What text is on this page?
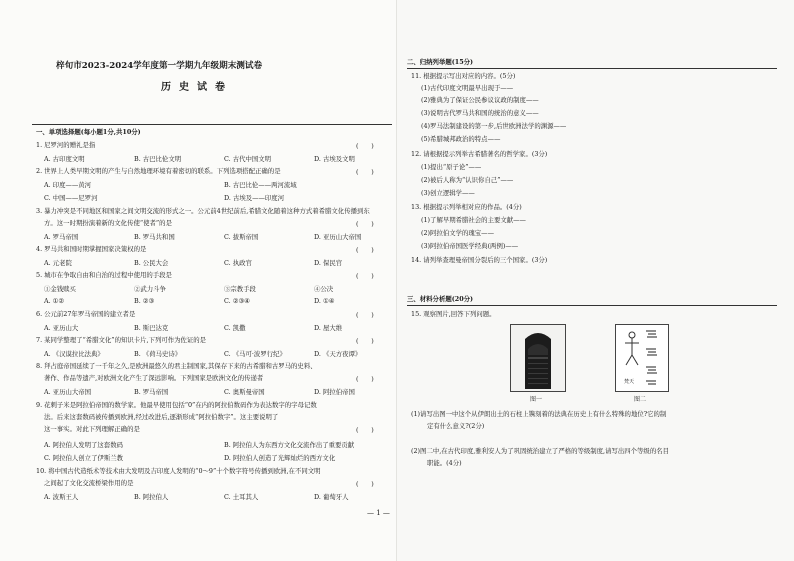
梓旬市2023-2024学年度第一学期九年级期末测试卷
历史试卷
一、单项选择题(每小题1分,共10分)
1. 尼罗河的赠礼是指	(　　)
A. 古印度文明	B. 古巴比伦文明	C. 古代中国文明	D. 古埃及文明
2. 世界上人类早期文明的产生与自然地理环境有着密切的联系。下列选项搭配正确的是	(　　)
A. 印度——黄河	B. 古巴比伦——两河流域
C. 中国——尼罗河	D. 古埃及——印度河
3. 暴力冲突是不同地区和国家之间文明交流的形式之一。公元前4世纪前后,希腊文化随着这种方式着希腊文化传播到东
方。这一时期扮演着新的文化传使“使者”的是	(　　)
A. 罗马帝国	B. 罗马共和国	C. 拔斯帝国	D. 亚历山大帝国
4. 罗马共和国时期掌握国家决策权的是	(　　)
A. 元老院	B. 公民大会	C. 执政官	D. 保民官
5. 城市在争取自由和自治的过程中使用的手段是	(　　)
①金钱赎买	②武力斗争	③宗教手段	④公决
A. ①②	B. ②③	C. ②③④	D. ①④
6. 公元前27年罗马帝国的建立者是	(　　)
A. 亚历山大	B. 斯巴达克	C. 凯撒	D. 屋大维
7. 某同学整理了“希腊文化”的知识卡片,下列可作为佐证的是	(　　)
A. 《汉谟拉比法典》	B. 《荷马史诗》	C. 《马可·波罗行纪》	D. 《天方夜谭》
8. 拜占庭帝国延续了一千年之久,是欧洲最悠久的君主制国家,其保存下来的古希腊和古罗马的史料、
著作、作品等遗产,对欧洲文化产生了深远影响。下列国家是欧洲文化的传递者	(　　)
A. 亚历山大帝国	B. 罗马帝国	C. 奥斯曼帝国	D. 阿拉伯帝国
9. 花剌子米是阿拉伯帝国的数学家。他最早使用包括“0”在内的阿拉伯数码作为表达数字的字母记数
法。后来这套数码被传播到欧洲,经过改进后,逐渐形成“阿拉伯数字”。这主要说明了
这一事实。对此下列理解正确的是	(　　)
A. 阿拉伯人发明了这套数码	B. 阿拉伯人为东西方文化交流作出了重要贡献
C. 阿拉伯人创立了伊斯兰教	D. 阿拉伯人创造了光辉灿烂的西方文化
10. 将中国古代造纸术等技术由大发明及吉印度人发明的“0～9”十个数字符号传播到欧洲,在不同文明
之间起了文化交流桥梁作用的是	(　　)
A. 波斯王人	B. 阿拉伯人	C. 土耳其人	D. 葡萄牙人
二、归纳列举题(15分)
11. 根据提示写出对应的内容。(5分)
(1)古代印度文明最早出现于——
(2)雅典为了保证公民参议议政的制度——
(3)说明古代罗马共和国的统治的意义——
(4)罗马法制建设的第一步,后世欧洲法学的渊源——
(5)希腊城邦政治的特点——
12. 请根据提示列举古希腊著名的哲学家。(3分)
(1)提出“原子论”——
(2)被后人称为“认识你自己”——
(3)创立逻辑学——
13. 根据提示列举相对应的作品。(4分)
(1)了解早期希腊社会的主要文献——
(2)阿拉伯文学的瑰宝——
(3)阿拉伯帝国医学经典(两例)——
14. 请列举查理曼帝国分裂后的三个国家。(3分)
三、材料分析题(20分)
15. 观察图片,回答下列问题。
图一
梵天
图二
(1)请写出图一中这个从伊朗出土的石柱上镌刻着的法典在历史上有什么特殊的地位?它的制
定有什么意义?(2分)
(2)图二中,在古代印度,雅利安人为了巩固统治建立了严格的等级制度,请写出四个等级的名目
职能。(4分)
— 1 —
